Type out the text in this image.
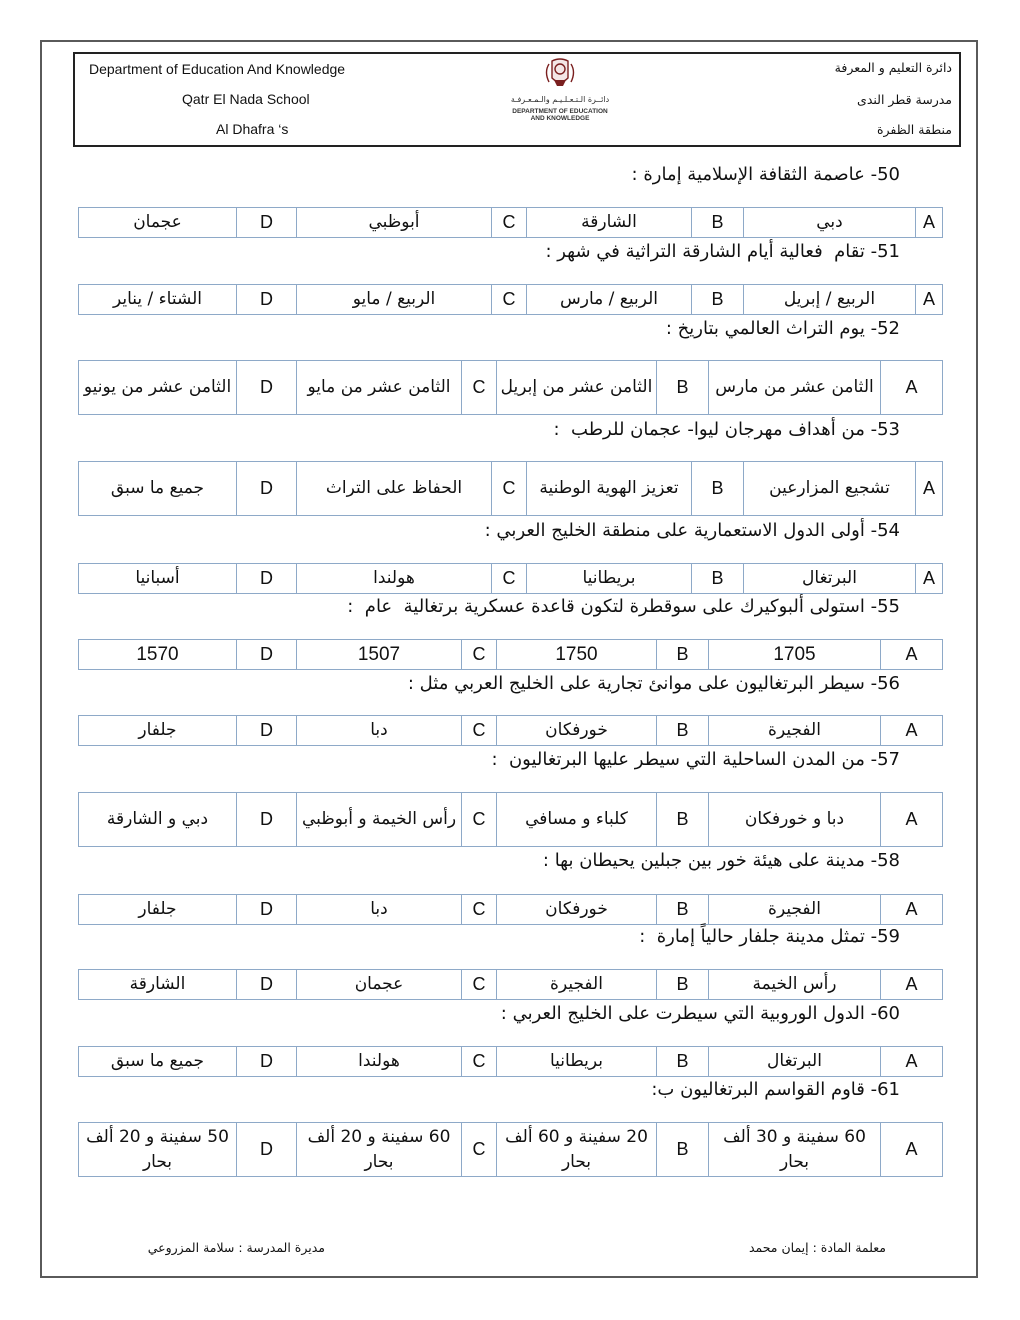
Department of Education And Knowledge
Qatr El Nada School
Al Dhafra ‘s
دائرة التعليم و المعرفة
مدرسة قطر الندى
منطقة الظفرة
دائــرة الـتـعـلـيـم والـمـعـرفـة
DEPARTMENT OF EDUCATION
AND KNOWLEDGE
50- عاصمة الثقافة الإسلامية إمارة :
عجمان	D	أبوظبي	C	الشارقة	B	دبي	A
51- تقام  فعالية أيام الشارقة التراثية في شهر :
الشتاء / يناير	D	الربيع / مايو	C	الربيع / مارس	B	الربيع / إبريل	A
52- يوم التراث العالمي بتاريخ :
الثامن عشر من يونيو	D	الثامن عشر من مايو	C	الثامن عشر من إبريل	B	الثامن عشر من مارس	A
53- من أهداف مهرجان ليوا- عجمان للرطب  :
جميع ما سبق	D	الحفاظ على التراث	C	تعزيز الهوية الوطنية	B	تشجيع المزارعين	A
54- أولى الدول الاستعمارية على منطقة الخليج العربي :
أسبانيا	D	هولندا	C	بريطانيا	B	البرتغال	A
55- استولى ألبوكيرك على سوقطرة لتكون قاعدة عسكرية برتغالية  عام  :
1570	D	1507	C	1750	B	1705	A
56- سيطر البرتغاليون على موانئ تجارية على الخليج العربي مثل :
جلفار	D	دبا	C	خورفكان	B	الفجيرة	A
57- من المدن الساحلية التي سيطر عليها البرتغاليون  :
دبي و الشارقة	D	رأس الخيمة و أبوظبي	C	كلباء و مسافي	B	دبا و خورفكان	A
58- مدينة على هيئة خور بين جبلين يحيطان بها :
جلفار	D	دبا	C	خورفكان	B	الفجيرة	A
59- تمثل مدينة جلفار حالياً إمارة  :
الشارقة	D	عجمان	C	الفجيرة	B	رأس الخيمة	A
60- الدول الوروبية التي سيطرت على الخليج العربي :
جميع ما سبق	D	هولندا	C	بريطانيا	B	البرتغال	A
61- قاوم القواسم البرتغاليون ب:
50 سفينة و 20 ألف بحار	D	60 سفينة و 20 ألف بحار	C	20 سفينة و 60 ألف بحار	B	60 سفينة و 30 ألف بحار	A
مديرة المدرسة : سلامة المزروعي	معلمة المادة : إيمان محمد
